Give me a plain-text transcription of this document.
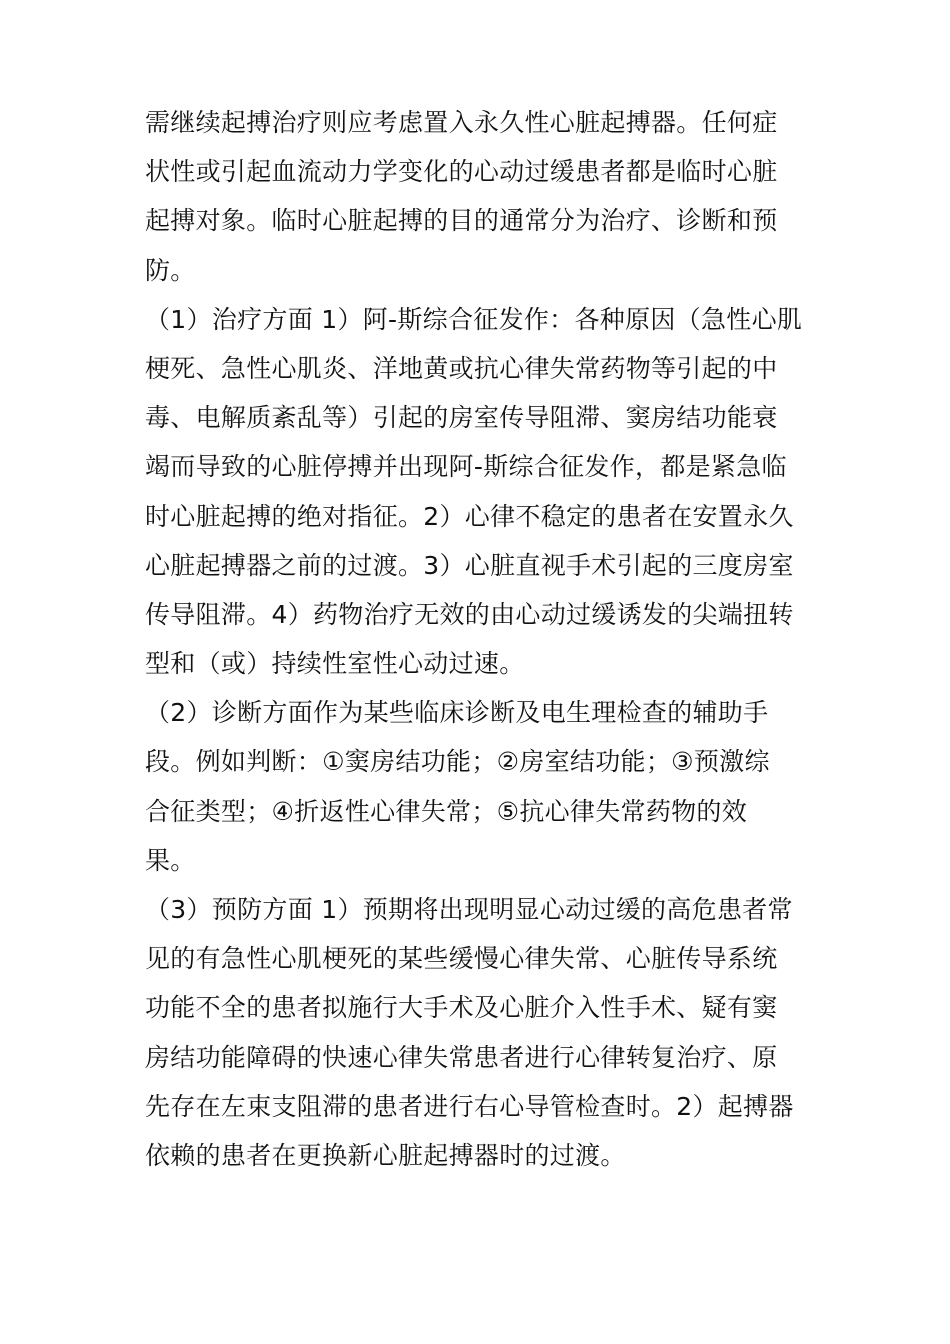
需继续起搏治疗则应考虑置入永久性心脏起搏器。任何症
状性或引起血流动力学变化的心动过缓患者都是临时心脏
起搏对象。临时心脏起搏的目的通常分为治疗、诊断和预
防。
（1）治疗方面 1）阿-斯综合征发作：各种原因（急性心肌
梗死、急性心肌炎、洋地黄或抗心律失常药物等引起的中
毒、电解质紊乱等）引起的房室传导阻滞、窦房结功能衰
竭而导致的心脏停搏并出现阿-斯综合征发作，都是紧急临
时心脏起搏的绝对指征。2）心律不稳定的患者在安置永久
心脏起搏器之前的过渡。3）心脏直视手术引起的三度房室
传导阻滞。4）药物治疗无效的由心动过缓诱发的尖端扭转
型和（或）持续性室性心动过速。
（2）诊断方面作为某些临床诊断及电生理检查的辅助手
段。例如判断：①窦房结功能；②房室结功能；③预激综
合征类型；④折返性心律失常；⑤抗心律失常药物的效
果。
（3）预防方面 1）预期将出现明显心动过缓的高危患者常
见的有急性心肌梗死的某些缓慢心律失常、心脏传导系统
功能不全的患者拟施行大手术及心脏介入性手术、疑有窦
房结功能障碍的快速心律失常患者进行心律转复治疗、原
先存在左束支阻滞的患者进行右心导管检查时。2）起搏器
依赖的患者在更换新心脏起搏器时的过渡。
